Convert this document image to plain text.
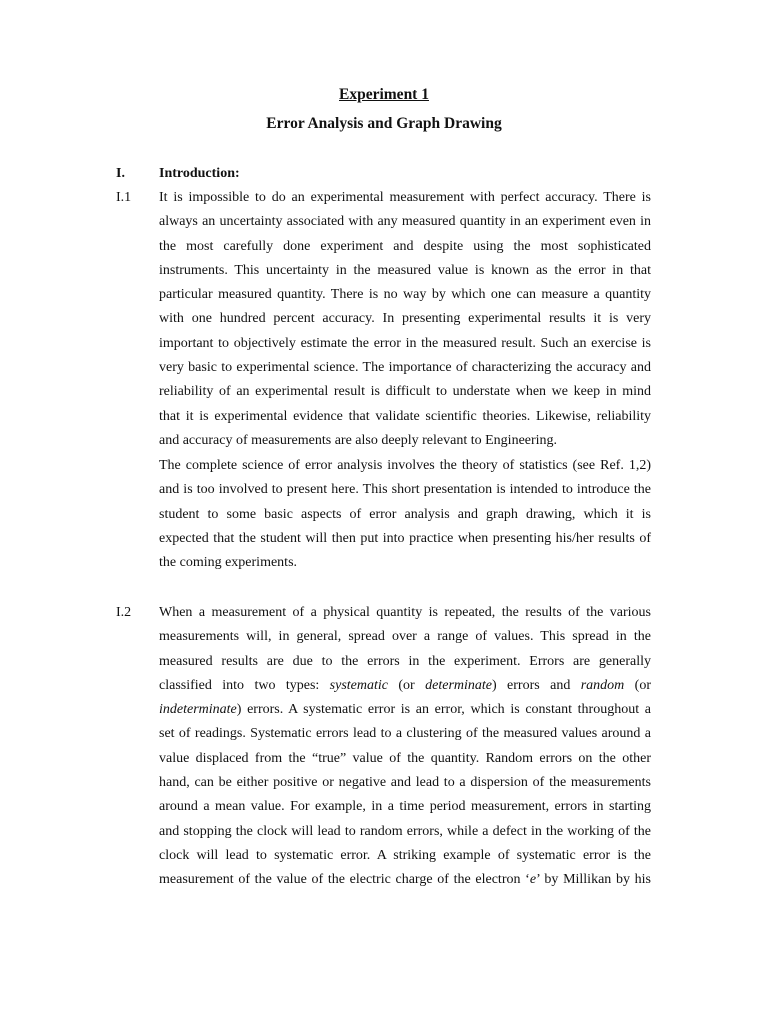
Experiment 1
Error Analysis and Graph Drawing
I. Introduction:
I.1 It is impossible to do an experimental measurement with perfect accuracy. There is
always an uncertainty associated with any measured quantity in an experiment even in
the most carefully done experiment and despite using the most sophisticated
instruments. This uncertainty in the measured value is known as the error in that
particular measured quantity. There is no way by which one can measure a quantity
with one hundred percent accuracy. In presenting experimental results it is very
important to objectively estimate the error in the measured result. Such an exercise is
very basic to experimental science. The importance of characterizing the accuracy and
reliability of an experimental result is difficult to understate when we keep in mind
that it is experimental evidence that validate scientific theories. Likewise, reliability
and accuracy of measurements are also deeply relevant to Engineering.
The complete science of error analysis involves the theory of statistics (see Ref. 1,2)
and is too involved to present here. This short presentation is intended to introduce the
student to some basic aspects of error analysis and graph drawing, which it is
expected that the student will then put into practice when presenting his/her results of
the coming experiments.
I.2 When a measurement of a physical quantity is repeated, the results of the various
measurements will, in general, spread over a range of values. This spread in the
measured results are due to the errors in the experiment. Errors are generally
classified into two types: systematic (or determinate) errors and random (or
indeterminate) errors. A systematic error is an error, which is constant throughout a
set of readings. Systematic errors lead to a clustering of the measured values around a
value displaced from the “true” value of the quantity. Random errors on the other
hand, can be either positive or negative and lead to a dispersion of the measurements
around a mean value. For example, in a time period measurement, errors in starting
and stopping the clock will lead to random errors, while a defect in the working of the
clock will lead to systematic error. A striking example of systematic error is the
measurement of the value of the electric charge of the electron ‘e’ by Millikan by his
